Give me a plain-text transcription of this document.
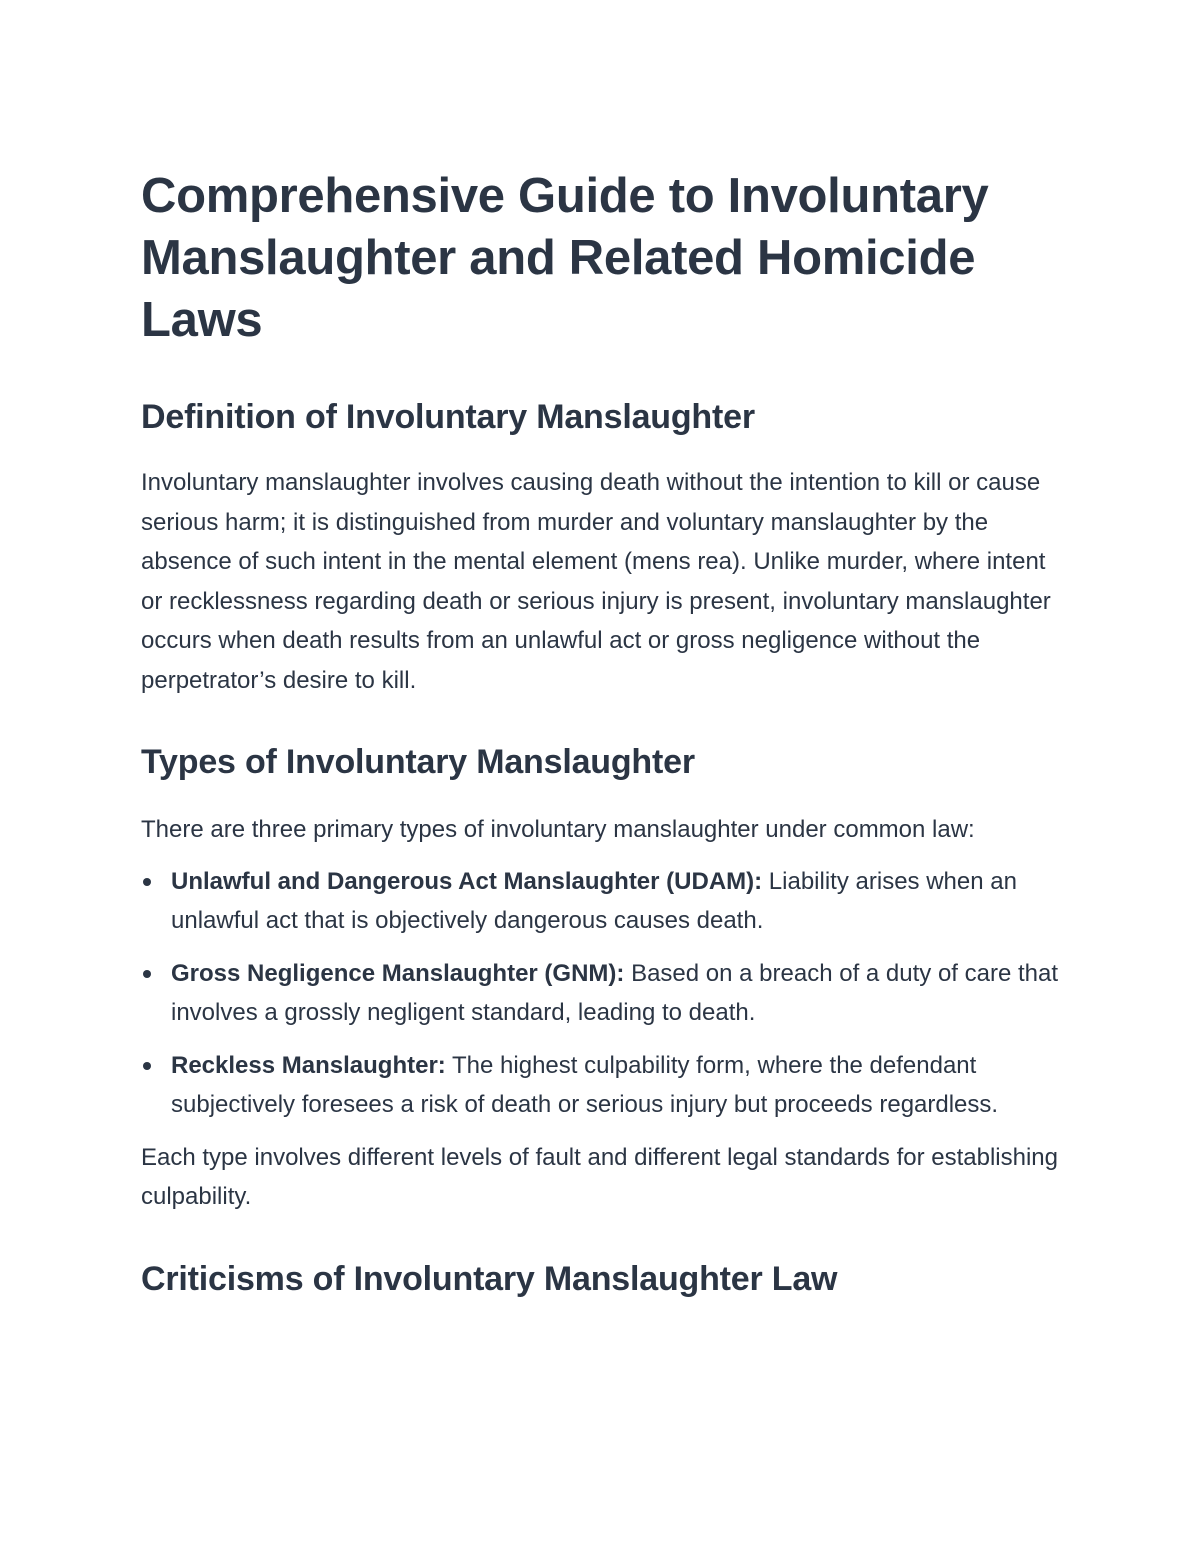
Comprehensive Guide to Involuntary Manslaughter and Related Homicide Laws
Definition of Involuntary Manslaughter

Involuntary manslaughter involves causing death without the intention to kill or cause serious harm; it is distinguished from murder and voluntary manslaughter by the absence of such intent in the mental element (mens rea). Unlike murder, where intent or recklessness regarding death or serious injury is present, involuntary manslaughter occurs when death results from an unlawful act or gross negligence without the perpetrator’s desire to kill.

Types of Involuntary Manslaughter

There are three primary types of involuntary manslaughter under common law:

Unlawful and Dangerous Act Manslaughter (UDAM): Liability arises when an unlawful act that is objectively dangerous causes death.
Gross Negligence Manslaughter (GNM): Based on a breach of a duty of care that involves a grossly negligent standard, leading to death.
Reckless Manslaughter: The highest culpability form, where the defendant subjectively foresees a risk of death or serious injury but proceeds regardless.

Each type involves different levels of fault and different legal standards for establishing culpability.

Criticisms of Involuntary Manslaughter Law
